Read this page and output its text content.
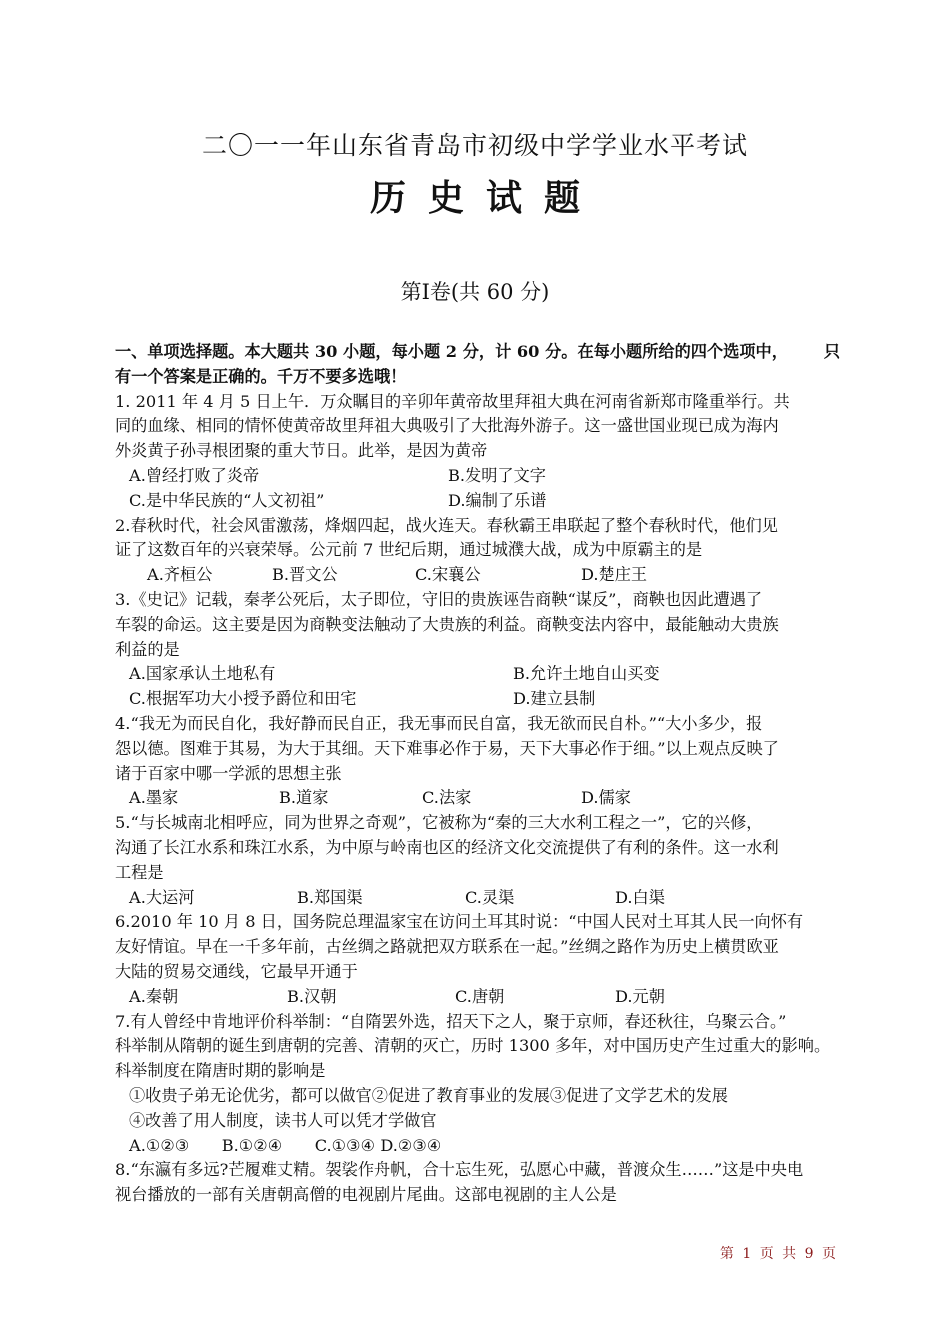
二〇一一年山东省青岛市初级中学学业水平考试
历史试题
第Ⅰ卷(共 60 分)
一、单项选择题。本大题共 30 小题，每小题 2 分，计 60 分。在每小题所给的四个选项中， 只
有一个答案是正确的。千万不要多选哦！
1. 2011 年 4 月 5 日上午．万众瞩目的辛卯年黄帝故里拜祖大典在河南省新郑市隆重举行。共
同的血缘、相同的情怀使黄帝故里拜祖大典吸引了大批海外游子。这一盛世国业现已成为海内
外炎黄子孙寻根团聚的重大节日。此举，是因为黄帝
A.曾经打败了炎帝	B.发明了文字
C.是中华民族的“人文初祖”	D.编制了乐谱
2.春秋时代，社会风雷激荡，烽烟四起，战火连天。春秋霸王串联起了整个春秋时代，他们见
证了这数百年的兴衰荣辱。公元前 7 世纪后期，通过城濮大战，成为中原霸主的是
A.齐桓公	B.晋文公	C.宋襄公	D.楚庄王
3.《史记》记载，秦孝公死后，太子即位，守旧的贵族诬告商鞅“谋反”，商鞅也因此遭遇了
车裂的命运。这主要是因为商鞅变法触动了大贵族的利益。商鞅变法内容中，最能触动大贵族
利益的是
A.国家承认土地私有	B.允许土地自山买变
C.根据军功大小授予爵位和田宅	D.建立县制
4.“我无为而民自化，我好静而民自正，我无事而民自富，我无欲而民自朴。”“大小多少，报
怨以德。图难于其易，为大于其细。天下难事必作于易，天下大事必作于细。”以上观点反映了
诸于百家中哪一学派的思想主张
A.墨家	B.道家	C.法家	D.儒家
5.“与长城南北相呼应，同为世界之奇观”，它被称为“秦的三大水利工程之一”，它的兴修，
沟通了长江水系和珠江水系，为中原与岭南也区的经济文化交流提供了有利的条件。这一水利
工程是
A.大运河	B.郑国渠	C.灵渠	D.白渠
6.2010 年 10 月 8 日，国务院总理温家宝在访问土耳其时说：“中国人民对土耳其人民一向怀有
友好情谊。早在一千多年前，古丝绸之路就把双方联系在一起。”丝绸之路作为历史上横贯欧亚
大陆的贸易交通线，它最早开通于
A.秦朝	B.汉朝	C.唐朝	D.元朝
7.有人曾经中肯地评价科举制：“自隋罢外选，招天下之人，聚于京师，春还秋往，乌聚云合。”
科举制从隋朝的诞生到唐朝的完善、清朝的灭亡，历时 1300 多年，对中国历史产生过重大的影响。
科举制度在隋唐时期的影响是
①收贵子弟无论优劣，都可以做官②促进了教育事业的发展③促进了文学艺术的发展
④改善了用人制度，读书人可以凭才学做官
A.①②③　　B.①②④　　C.①③④ D.②③④
8.“东瀛有多远?芒履难丈精。袈裟作舟帆，合十忘生死，弘愿心中藏，普渡众生……”这是中央电
视台播放的一部有关唐朝高僧的电视剧片尾曲。这部电视剧的主人公是
第 1 页 共 9 页
